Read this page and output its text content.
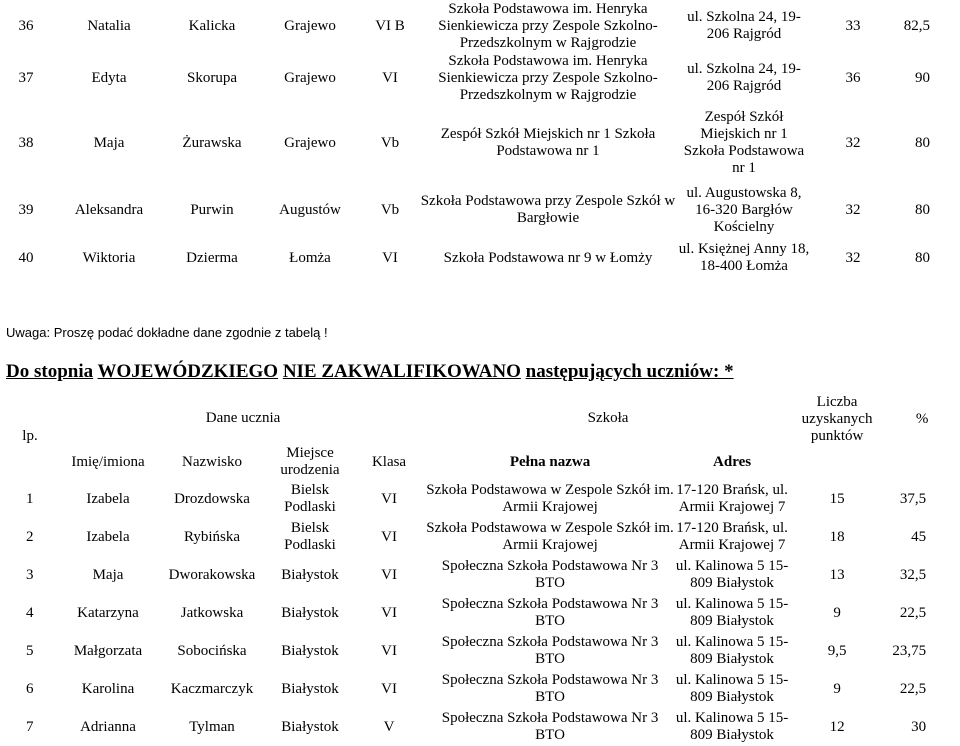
36	Natalia	Kalicka	Grajewo	VI B	Szkoła Podstawowa im. Henryka Sienkiewicza przy Zespole Szkolno-Przedszkolnym w Rajgrodzie	ul. Szkolna 24, 19-206 Rajgród	33	82,5
37	Edyta	Skorupa	Grajewo	VI	Szkoła Podstawowa im. Henryka Sienkiewicza przy Zespole Szkolno-Przedszkolnym w Rajgrodzie	ul. Szkolna 24, 19-206 Rajgród	36	90
38	Maja	Żurawska	Grajewo	Vb	Zespół Szkół Miejskich nr 1 Szkoła Podstawowa nr 1	Zespół Szkół Miejskich nr 1 Szkoła Podstawowa nr 1	32	80
39	Aleksandra	Purwin	Augustów	Vb	Szkoła Podstawowa przy Zespole Szkół w Bargłowie	ul. Augustowska 8, 16-320 Bargłów Kościelny	32	80
40	Wiktoria	Dzierma	Łomża	VI	Szkoła Podstawowa nr 9 w Łomży	ul. Księżnej Anny 18, 18-400 Łomża	32	80
Uwaga: Proszę podać dokładne dane zgodnie z tabelą !
Do stopnia WOJEWÓDZKIEGO NIE ZAKWALIFIKOWANO następujących uczniów: *
lp.	Dane ucznia				Szkoła		Liczba uzyskanych punktów	%
	Imię/imiona	Nazwisko	Miejsce urodzenia	Klasa	Pełna nazwa	Adres		
1	Izabela	Drozdowska	Bielsk Podlaski	VI	Szkoła Podstawowa w Zespole Szkół im. Armii Krajowej	17-120 Brańsk, ul. Armii Krajowej 7	15	37,5
2	Izabela	Rybińska	Bielsk Podlaski	VI	Szkoła Podstawowa w Zespole Szkół im. Armii Krajowej	17-120 Brańsk, ul. Armii Krajowej 7	18	45
3	Maja	Dworakowska	Białystok	VI	Społeczna Szkoła Podstawowa Nr 3 BTO	ul. Kalinowa 5 15-809 Białystok	13	32,5
4	Katarzyna	Jatkowska	Białystok	VI	Społeczna Szkoła Podstawowa Nr 3 BTO	ul. Kalinowa 5 15-809 Białystok	9	22,5
5	Małgorzata	Sobocińska	Białystok	VI	Społeczna Szkoła Podstawowa Nr 3 BTO	ul. Kalinowa 5 15-809 Białystok	9,5	23,75
6	Karolina	Kaczmarczyk	Białystok	VI	Społeczna Szkoła Podstawowa Nr 3 BTO	ul. Kalinowa 5 15-809 Białystok	9	22,5
7	Adrianna	Tylman	Białystok	V	Społeczna Szkoła Podstawowa Nr 3 BTO	ul. Kalinowa 5 15-809 Białystok	12	30
